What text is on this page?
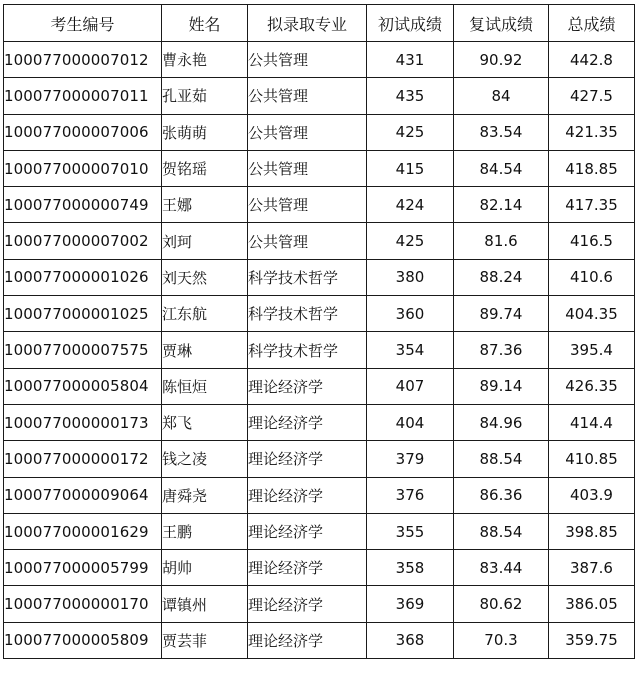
考生编号	姓名	拟录取专业	初试成绩	复试成绩	总成绩
100077000007012	曹永艳	公共管理	431	90.92	442.8
100077000007011	孔亚茹	公共管理	435	84	427.5
100077000007006	张萌萌	公共管理	425	83.54	421.35
100077000007010	贺铭瑶	公共管理	415	84.54	418.85
100077000000749	王娜	公共管理	424	82.14	417.35
100077000007002	刘珂	公共管理	425	81.6	416.5
100077000001026	刘天然	科学技术哲学	380	88.24	410.6
100077000001025	江东航	科学技术哲学	360	89.74	404.35
100077000007575	贾琳	科学技术哲学	354	87.36	395.4
100077000005804	陈恒烜	理论经济学	407	89.14	426.35
100077000000173	郑飞	理论经济学	404	84.96	414.4
100077000000172	钱之凌	理论经济学	379	88.54	410.85
100077000009064	唐舜尧	理论经济学	376	86.36	403.9
100077000001629	王鹏	理论经济学	355	88.54	398.85
100077000005799	胡帅	理论经济学	358	83.44	387.6
100077000000170	谭镇州	理论经济学	369	80.62	386.05
100077000005809	贾芸菲	理论经济学	368	70.3	359.75
